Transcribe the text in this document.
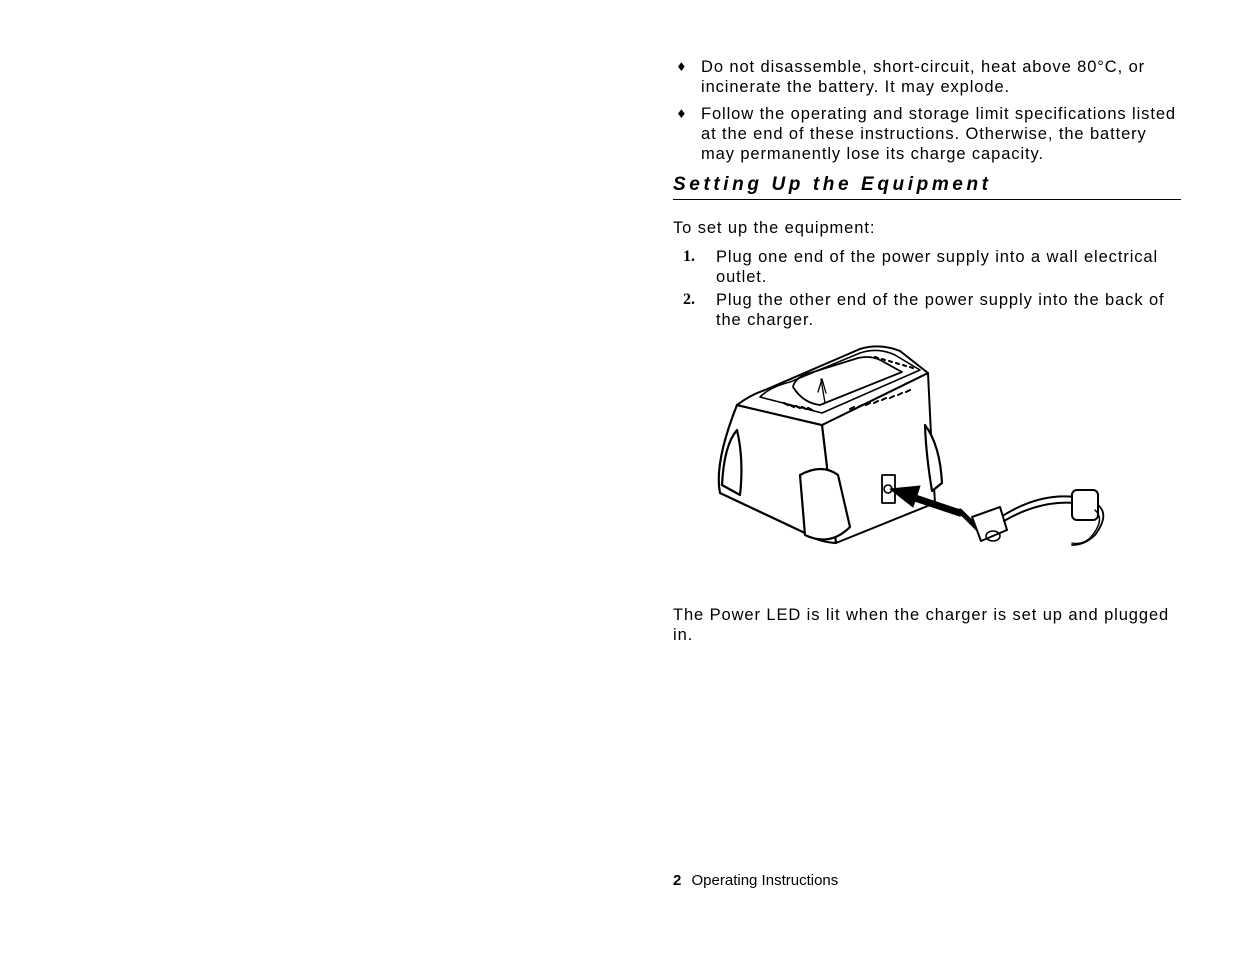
♦ Do not disassemble, short-circuit, heat above 80°C, or incinerate the battery. It may explode.
♦ Follow the operating and storage limit specifications listed at the end of these instructions. Otherwise, the battery may permanently lose its charge capacity.
Setting Up the Equipment
To set up the equipment:
1. Plug one end of the power supply into a wall electrical outlet.
2. Plug the other end of the power supply into the back of the charger.
The Power LED is lit when the charger is set up and plugged in.
2 Operating Instructions
